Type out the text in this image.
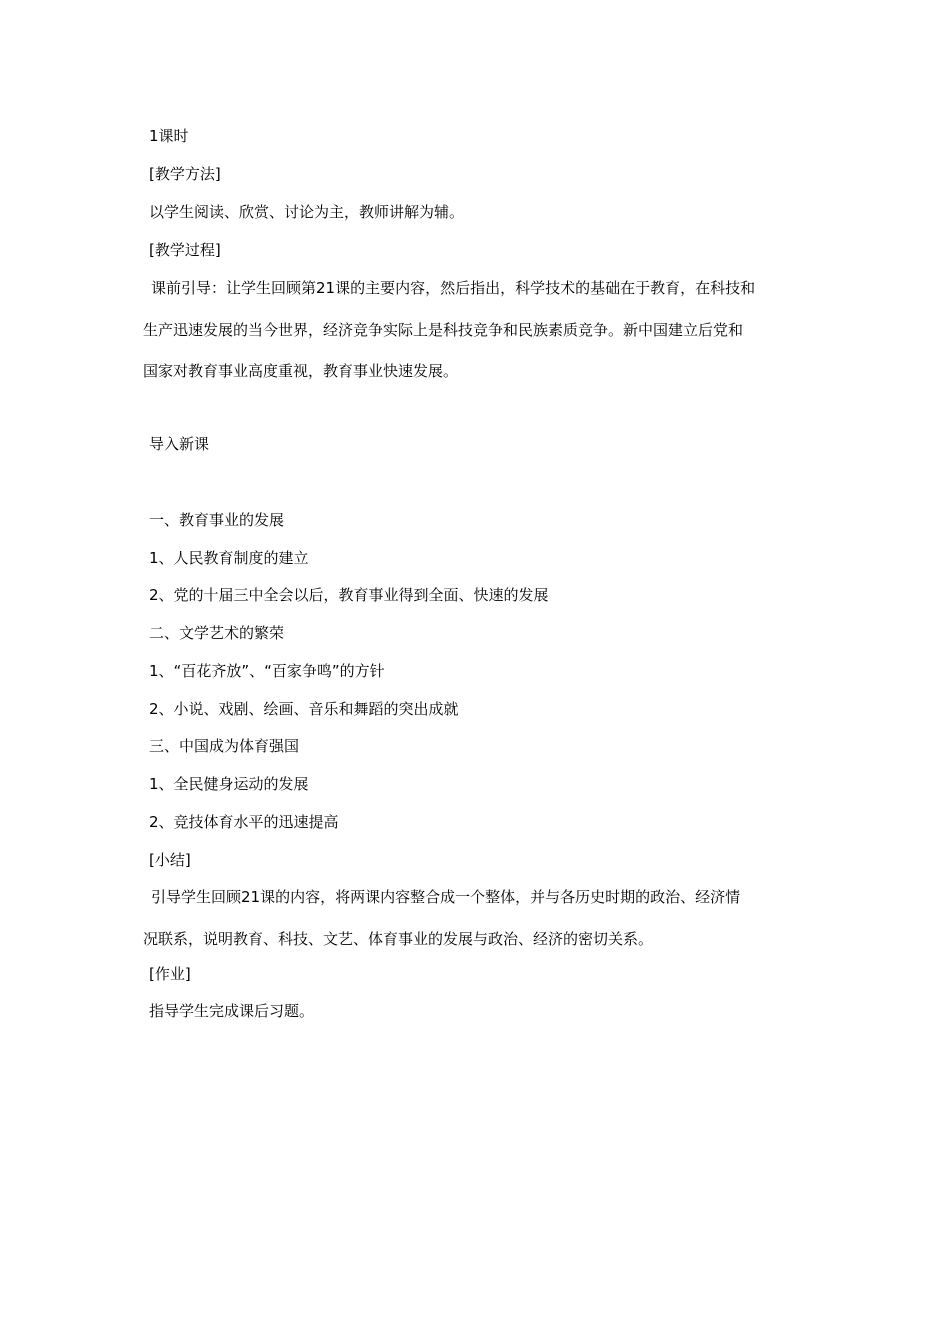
1课时

[教学方法]

以学生阅读、欣赏、讨论为主，教师讲解为辅。

[教学过程]

课前引导：让学生回顾第21课的主要内容，然后指出，科学技术的基础在于教育，在科技和

生产迅速发展的当今世界，经济竞争实际上是科技竞争和民族素质竞争。新中国建立后党和

国家对教育事业高度重视，教育事业快速发展。

导入新课

一、教育事业的发展

1、人民教育制度的建立

2、党的十届三中全会以后，教育事业得到全面、快速的发展

二、文学艺术的繁荣

1、“百花齐放”、“百家争鸣”的方针

2、小说、戏剧、绘画、音乐和舞蹈的突出成就

三、中国成为体育强国

1、全民健身运动的发展

2、竞技体育水平的迅速提高

[小结]

引导学生回顾21课的内容，将两课内容整合成一个整体，并与各历史时期的政治、经济情

况联系，说明教育、科技、文艺、体育事业的发展与政治、经济的密切关系。

[作业]

指导学生完成课后习题。
